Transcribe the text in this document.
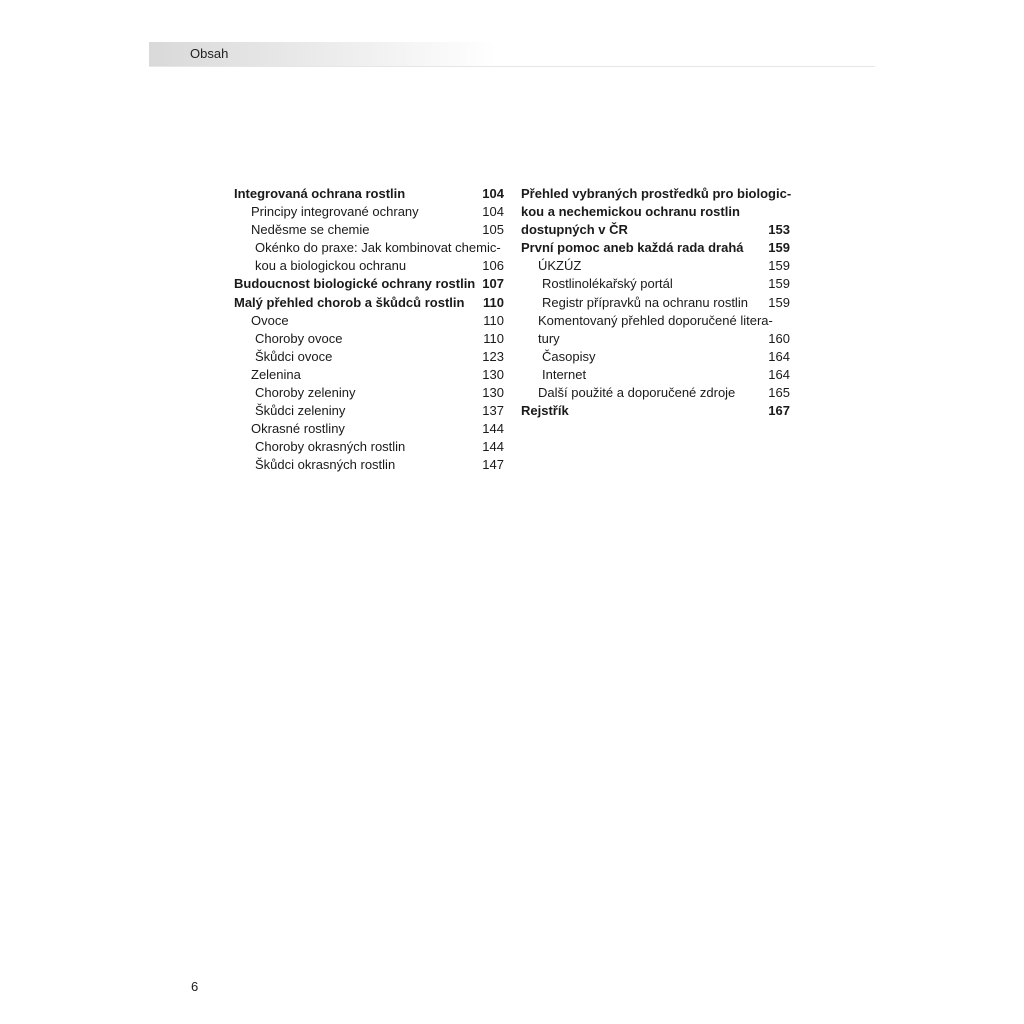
Obsah
Integrovaná ochrana rostlin	104
Principy integrované ochrany	104
Neděsme se chemie	105
Okénko do praxe: Jak kombinovat chemic-
kou a biologickou ochranu	106
Budoucnost biologické ochrany rostlin 107
Malý přehled chorob a škůdců rostlin 110
Ovoce	110
Choroby ovoce	110
Škůdci ovoce	123
Zelenina	130
Choroby zeleniny	130
Škůdci zeleniny	137
Okrasné rostliny	144
Choroby okrasných rostlin	144
Škůdci okrasných rostlin	147
Přehled vybraných prostředků pro biologic-
kou a nechemickou ochranu rostlin
dostupných v ČR	153
První pomoc aneb každá rada drahá 159
ÚKZÚZ	159
Rostlinolékařský portál	159
Registr přípravků na ochranu rostlin 159
Komentovaný přehled doporučené litera-
tury	160
Časopisy	164
Internet	164
Další použité a doporučené zdroje	165
Rejstřík	167
6
